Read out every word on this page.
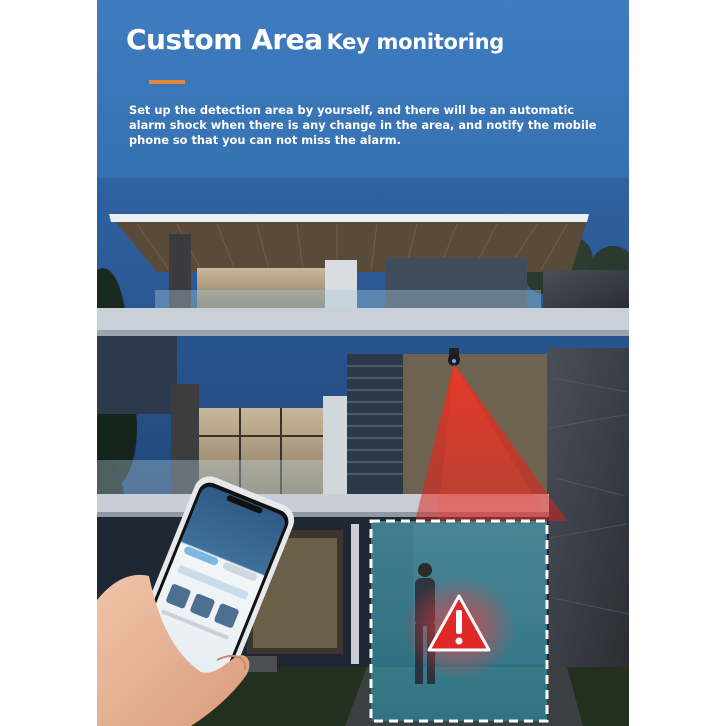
Custom Area Key monitoring

Set up the detection area by yourself, and there will be an automatic alarm shock when there is any change in the area, and notify the mobile phone so that you can not miss the alarm.
